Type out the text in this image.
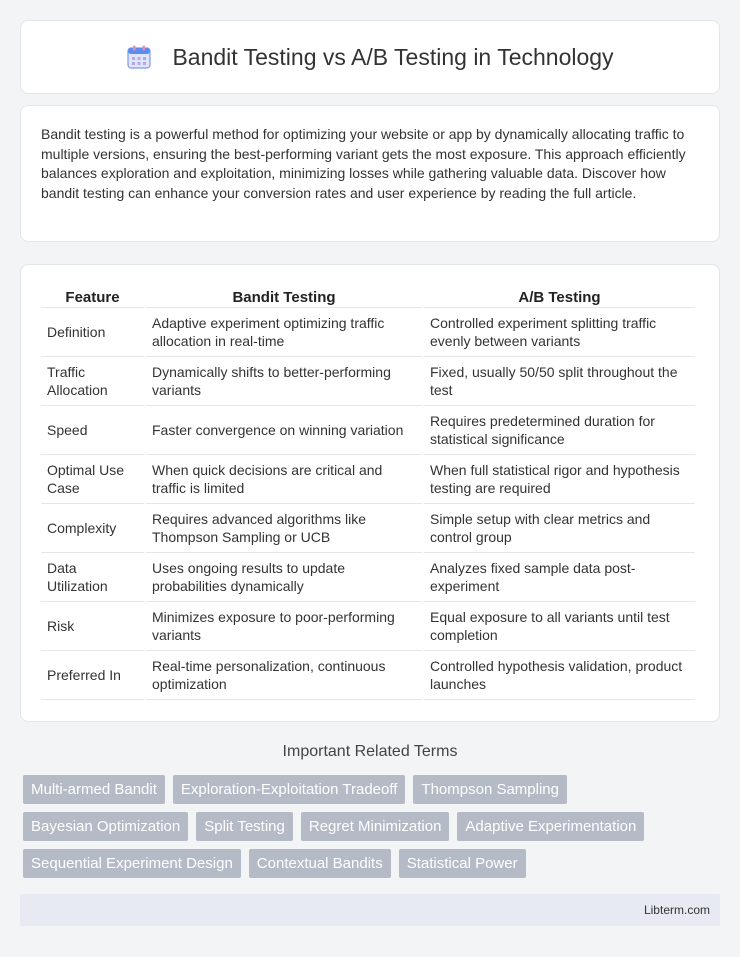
Bandit Testing vs A/B Testing in Technology

Bandit testing is a powerful method for optimizing your website or app by dynamically allocating traffic to multiple versions, ensuring the best-performing variant gets the most exposure. This approach efficiently balances exploration and exploitation, minimizing losses while gathering valuable data. Discover how bandit testing can enhance your conversion rates and user experience by reading the full article.

Feature	Bandit Testing	A/B Testing
Definition	Adaptive experiment optimizing traffic allocation in real-time	Controlled experiment splitting traffic evenly between variants
Traffic Allocation	Dynamically shifts to better-performing variants	Fixed, usually 50/50 split throughout the test
Speed	Faster convergence on winning variation	Requires predetermined duration for statistical significance
Optimal Use Case	When quick decisions are critical and traffic is limited	When full statistical rigor and hypothesis testing are required
Complexity	Requires advanced algorithms like Thompson Sampling or UCB	Simple setup with clear metrics and control group
Data Utilization	Uses ongoing results to update probabilities dynamically	Analyzes fixed sample data post-experiment
Risk	Minimizes exposure to poor-performing variants	Equal exposure to all variants until test completion
Preferred In	Real-time personalization, continuous optimization	Controlled hypothesis validation, product launches
Important Related Terms
Multi-armed Bandit	Exploration-Exploitation Tradeoff	Thompson Sampling
Bayesian Optimization	Split Testing	Regret Minimization	Adaptive Experimentation
Sequential Experiment Design	Contextual Bandits	Statistical Power
Libterm.com
